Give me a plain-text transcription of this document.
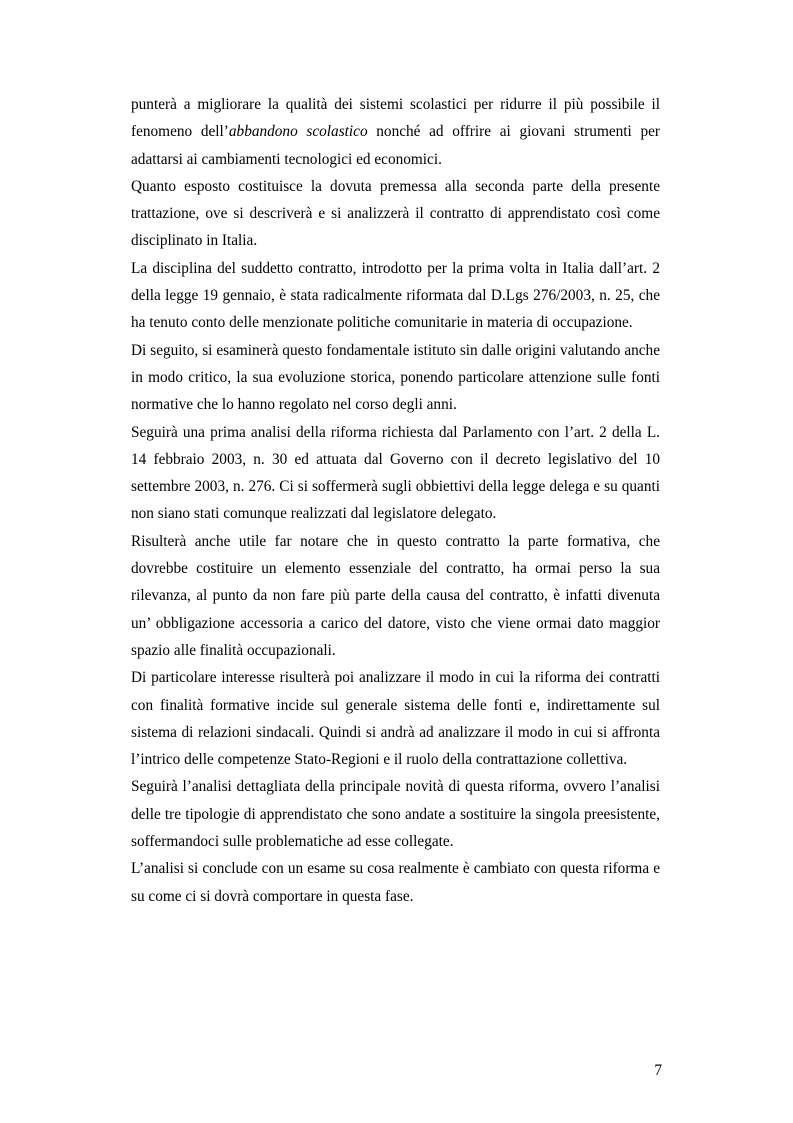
punterà a migliorare la qualità dei sistemi scolastici per ridurre il più possibile il fenomeno dell’abbandono scolastico nonché ad offrire ai giovani strumenti per adattarsi ai cambiamenti tecnologici ed economici.

Quanto esposto costituisce la dovuta premessa alla seconda parte della presente trattazione, ove si descriverà e si analizzerà il contratto di apprendistato così come disciplinato in Italia.

La disciplina del suddetto contratto, introdotto per la prima volta in Italia dall’art. 2 della legge 19 gennaio, è stata radicalmente riformata dal D.Lgs 276/2003, n. 25, che ha tenuto conto delle menzionate politiche comunitarie in materia di occupazione.

Di seguito, si esaminerà questo fondamentale istituto sin dalle origini valutando anche in modo critico, la sua evoluzione storica, ponendo particolare attenzione sulle fonti normative che lo hanno regolato nel corso degli anni.

Seguirà una prima analisi della riforma richiesta dal Parlamento con l’art. 2 della L. 14 febbraio 2003, n. 30 ed attuata dal Governo con il decreto legislativo del 10 settembre 2003, n. 276. Ci si soffermerà sugli obbiettivi della legge delega e su quanti non siano stati comunque realizzati dal legislatore delegato.

Risulterà anche utile far notare che in questo contratto la parte formativa, che dovrebbe costituire un elemento essenziale del contratto, ha ormai perso la sua rilevanza, al punto da non fare più parte della causa del contratto, è infatti divenuta un’ obbligazione accessoria a carico del datore, visto che viene ormai dato maggior spazio alle finalità occupazionali.

Di particolare interesse risulterà poi analizzare il modo in cui la riforma dei contratti con finalità formative incide sul generale sistema delle fonti e, indirettamente sul sistema di relazioni sindacali. Quindi si andrà ad analizzare il modo in cui si affronta l’intrico delle competenze Stato-Regioni e il ruolo della contrattazione collettiva.

Seguirà l’analisi dettagliata della principale novità di questa riforma, ovvero l’analisi delle tre tipologie di apprendistato che sono andate a sostituire la singola preesistente, soffermandoci sulle problematiche ad esse collegate.

L’analisi si conclude con un esame su cosa realmente è cambiato con questa riforma e su come ci si dovrà comportare in questa fase.

7
